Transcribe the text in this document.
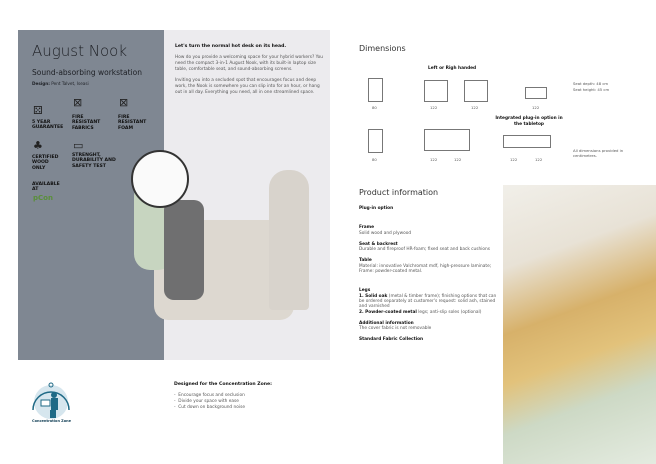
August Nook
Sound-absorbing workstation
Design: Pent Talvet, Iseasi
⚄
5 YEAR GUARANTEE
⊠
FIRE RESISTANT FABRICS
⊠
FIRE RESISTANT FOAM
♣
CERTIFIED WOOD ONLY
▭
STRENGHT, DURABILITY AND SAFETY TEST
AVAILABLE AT
pCon
Let's turn the normal hot desk on its head.

How do you provide a welcoming space for your hybrid workers? You need the compact 3-in-1 August Nook, with its built-in laptop size table, comfortable seat, and sound-absorbing screens.

Inviting you into a secluded spot that encourages focus and deep work, the Nook is somewhere you can slip into for an hour, or hang out in all day. Everything you need, all in one streamlined space.

Dimensions
Left or Righ handed
80	122	122	122
Seat depth: 48 cm
Seat height: 45 cm
Integrated plug-in option in the tabletop
80	122	122	122	122
All dimensions provided in centimetres.
Product information
Plug-in option
Frame
Solid wood and plywood
Seat & backrest
Durable and fireproof HR-foam; fixed seat and back cushions
Table
Material: innovative Valchromat mdf, high-pressure laminate; Frame: powder-coated metal.
Legs
1. Solid oak (metal & timber frame); finishing options that can be ordered separately at customer's request: solid ash, stained and varnished
2. Powder-coated metal legs; anti-slip soles (optional)
Additional information
The cover fabric is not removable
Standard Fabric Collection
Concentration Zone
Designed for the Concentration Zone:
-  Encourage focus and seclusion
-  Divide your space with ease
-  Cut down on background noise
